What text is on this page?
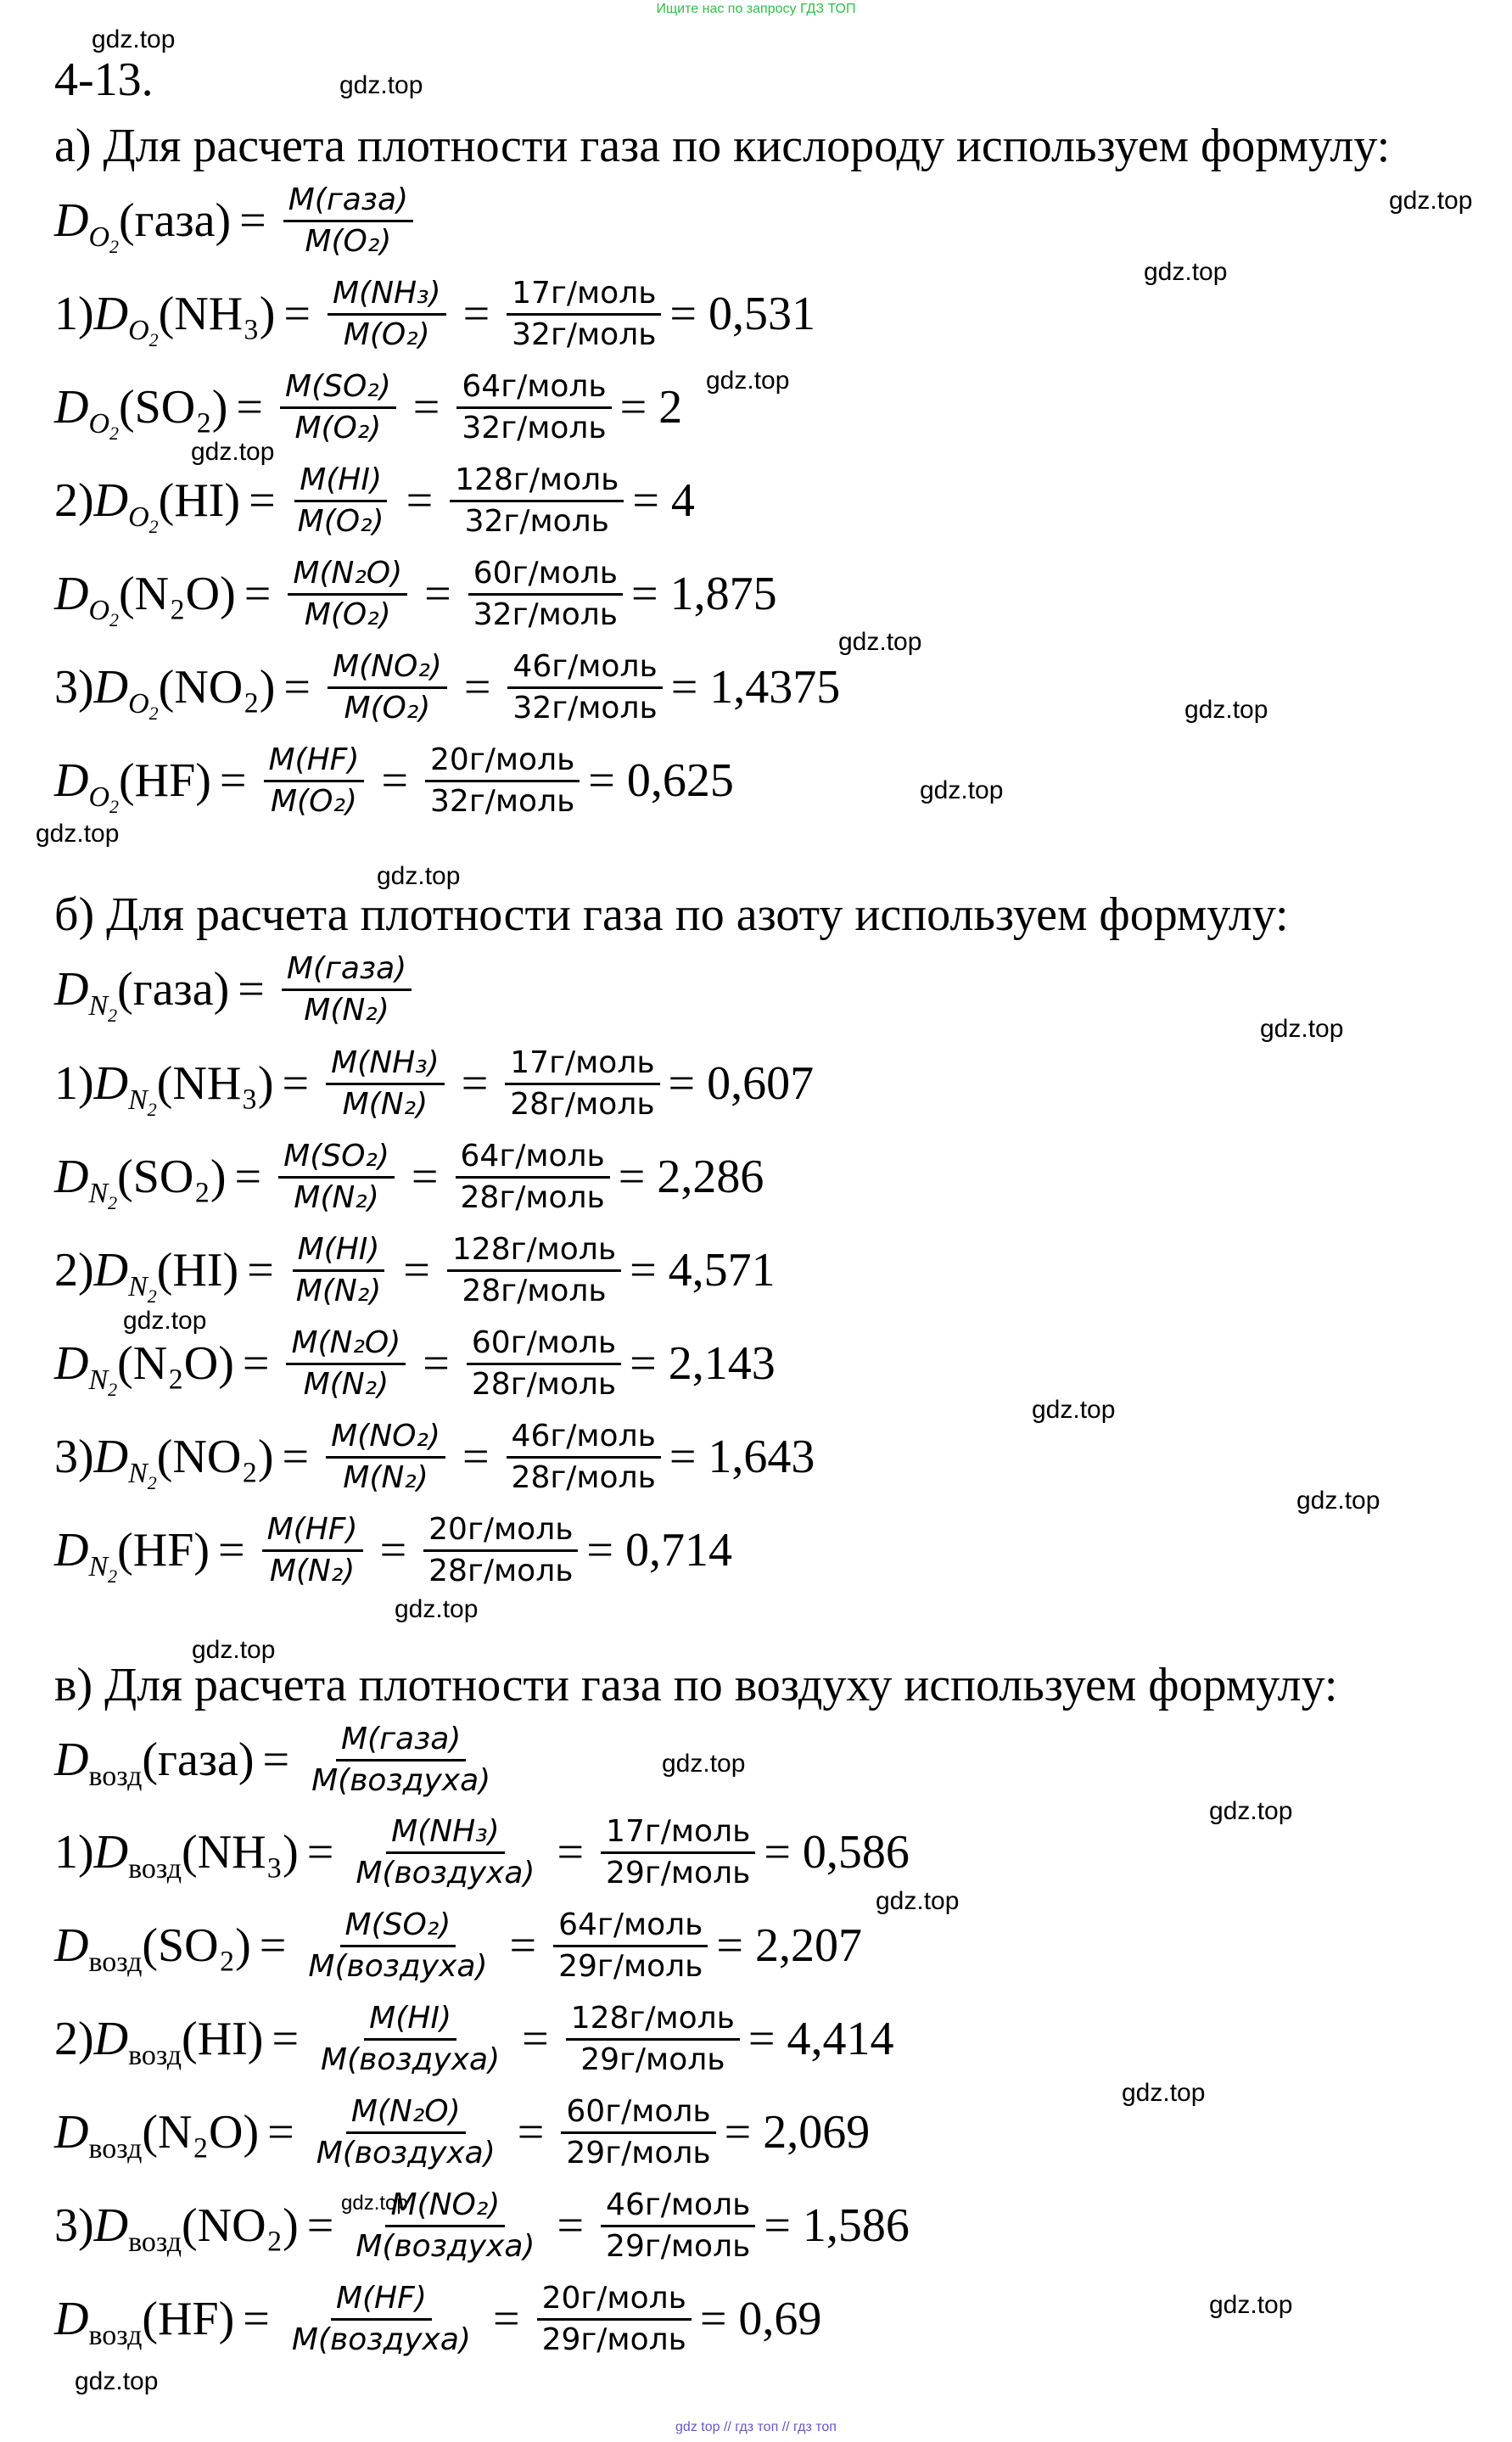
Ищите нас по запросу ГДЗ ТОП
4-13.
а) Для расчета плотности газа по кислороду используем формулу:
D $O_2$ (газа) = $\frac{\text{M(газа)}}{\text{M(O₂)}}$
1) D $O_2$ $(NH_3) = \frac{\text{M(NH₃)}}{\text{M(O₂)}} = \frac{\text{17г/моль}}{\text{32г/моль}} = 0,531$
D $O_2$ $(SO_2) = \frac{\text{M(SO₂)}}{\text{M(O₂)}} = \frac{\text{64г/моль}}{\text{32г/моль}} = 2$
2) D $O_2$ $(HI) = \frac{M(HI)}{\text{M(O₂)}} = \frac{\text{128г/моль}}{\text{32г/моль}} = 4$
D $O_2$ $(N_2O) = \frac{\text{M(N₂O)}}{\text{M(O₂)}} = \frac{\text{60г/моль}}{\text{32г/моль}} = 1,875$
3) D $O_2$ $(NO_2) = \frac{\text{M(NO₂)}}{\text{M(O₂)}} = \frac{\text{46г/моль}}{\text{32г/моль}} = 1,4375$
D $O_2$ $(HF) = \frac{M(HF)}{\text{M(O₂)}} = \frac{\text{20г/моль}}{\text{32г/моль}} = 0,625$
б) Для расчета плотности газа по азоту используем формулу:
D $N_2$ (газа) = $\frac{\text{M(газа)}}{\text{M(N₂)}}$
1) D $N_2$ $(NH_3) = \frac{\text{M(NH₃)}}{\text{M(N₂)}} = \frac{\text{17г/моль}}{\text{28г/моль}} = 0,607$
D $N_2$ $(SO_2) = \frac{\text{M(SO₂)}}{\text{M(N₂)}} = \frac{\text{64г/моль}}{\text{28г/моль}} = 2,286$
2) D $N_2$ $(HI) = \frac{M(HI)}{\text{M(N₂)}} = \frac{\text{128г/моль}}{\text{28г/моль}} = 4,571$
D $N_2$ $(N_2O) = \frac{\text{M(N₂O)}}{\text{M(N₂)}} = \frac{\text{60г/моль}}{\text{28г/моль}} = 2,143$
3) D $N_2$ $(NO_2) = \frac{\text{M(NO₂)}}{\text{M(N₂)}} = \frac{\text{46г/моль}}{\text{28г/моль}} = 1,643$
D $N_2$ $(HF) = \frac{M(HF)}{\text{M(N₂)}} = \frac{\text{20г/моль}}{\text{28г/моль}} = 0,714$
в) Для расчета плотности газа по воздуху используем формулу:
D возд (газа) = $\frac{\text{M(газа)}}{\text{M(воздуха)}}$
1) D возд $(NH_3) = \frac{\text{M(NH₃)}}{\text{M(воздуха)}} = \frac{\text{17г/моль}}{\text{29г/моль}} = 0,586$
D возд $(SO_2) = \frac{\text{M(SO₂)}}{\text{M(воздуха)}} = \frac{\text{64г/моль}}{\text{29г/моль}} = 2,207$
2) D возд $(HI) = \frac{M(HI)}{\text{M(воздуха)}} = \frac{\text{128г/моль}}{\text{29г/моль}} = 4,414$
D возд $(N_2O) = \frac{\text{M(N₂O)}}{\text{M(воздуха)}} = \frac{\text{60г/моль}}{\text{29г/моль}} = 2,069$
3) D возд $(NO_2) = \frac{\text{M(NO₂)}}{\text{M(воздуха)}} = \frac{\text{46г/моль}}{\text{29г/моль}} = 1,586$
D возд $(HF) = \frac{M(HF)}{\text{M(воздуха)}} = \frac{\text{20г/моль}}{\text{29г/моль}} = 0,69$
gdz.top
gdz.top
gdz.top
gdz.top
gdz.top
gdz.top
gdz.top
gdz.top
gdz.top
gdz.top
gdz.top
gdz.top
gdz.top
gdz.top
gdz.top
gdz.top
gdz.top
gdz.top
gdz.top
gdz.top
gdz.top
gdz.top
gdz.top
gdz.top
gdz top // гдз топ // гдз топ
